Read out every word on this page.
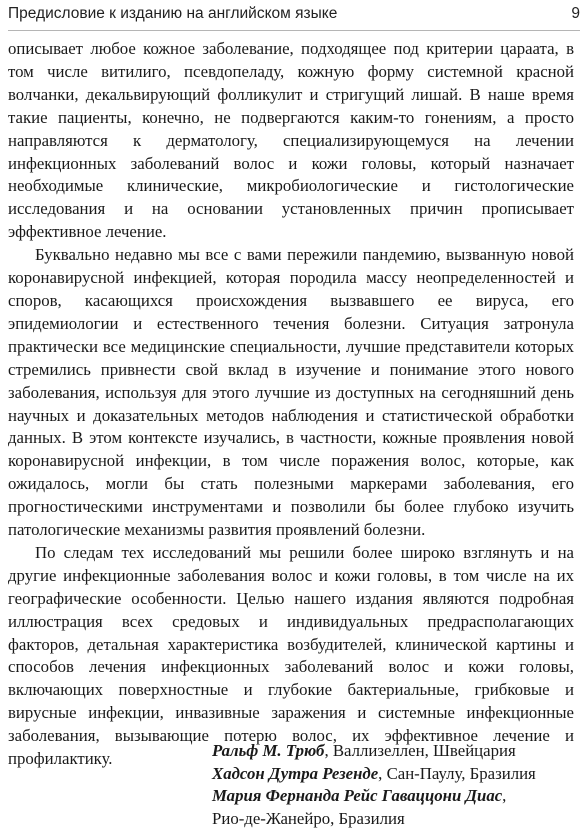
Предисловие к изданию на английском языке	9

описывает любое кожное заболевание, подходящее под критерии цараата, в том числе витилиго, псевдопеладу, кожную форму системной красной волчанки, декальвирующий фолликулит и стригущий лишай. В наше время такие пациенты, конечно, не подвергаются каким-то гонениям, а просто направляются к дерматологу, специализирующемуся на лечении инфекционных заболеваний волос и кожи головы, который назначает необходимые клинические, микробиологические и гистологические исследования и на основании установленных причин прописывает эффективное лечение.

Буквально недавно мы все с вами пережили пандемию, вызванную новой коронавирусной инфекцией, которая породила массу неопределенностей и споров, касающихся происхождения вызвавшего ее вируса, его эпидемиологии и естественного течения болезни. Ситуация затронула практически все медицинские специальности, лучшие представители которых стремились привнести свой вклад в изучение и понимание этого нового заболевания, используя для этого лучшие из доступных на сегодняшний день научных и доказательных методов наблюдения и статистической обработки данных. В этом контексте изучались, в частности, кожные проявления новой коронавирусной инфекции, в том числе поражения волос, которые, как ожидалось, могли бы стать полезными маркерами заболевания, его прогностическими инструментами и позволили бы более глубоко изучить патологические механизмы развития проявлений болезни.

По следам тех исследований мы решили более широко взглянуть и на другие инфекционные заболевания волос и кожи головы, в том числе на их географические особенности. Целью нашего издания являются подробная иллюстрация всех средовых и индивидуальных предрасполагающих факторов, детальная характеристика возбудителей, клинической картины и способов лечения инфекционных заболеваний волос и кожи головы, включающих поверхностные и глубокие бактериальные, грибковые и вирусные инфекции, инвазивные заражения и системные инфекционные заболевания, вызывающие потерю волос, их эффективное лечение и профилактику.	Ральф М. Трюб, Валлизеллен, Швейцария
Хадсон Дутра Резенде, Сан-Паулу, Бразилия
Мария Фернанда Рейс Гаваццони Диас,
Рио-де-Жанейро, Бразилия
